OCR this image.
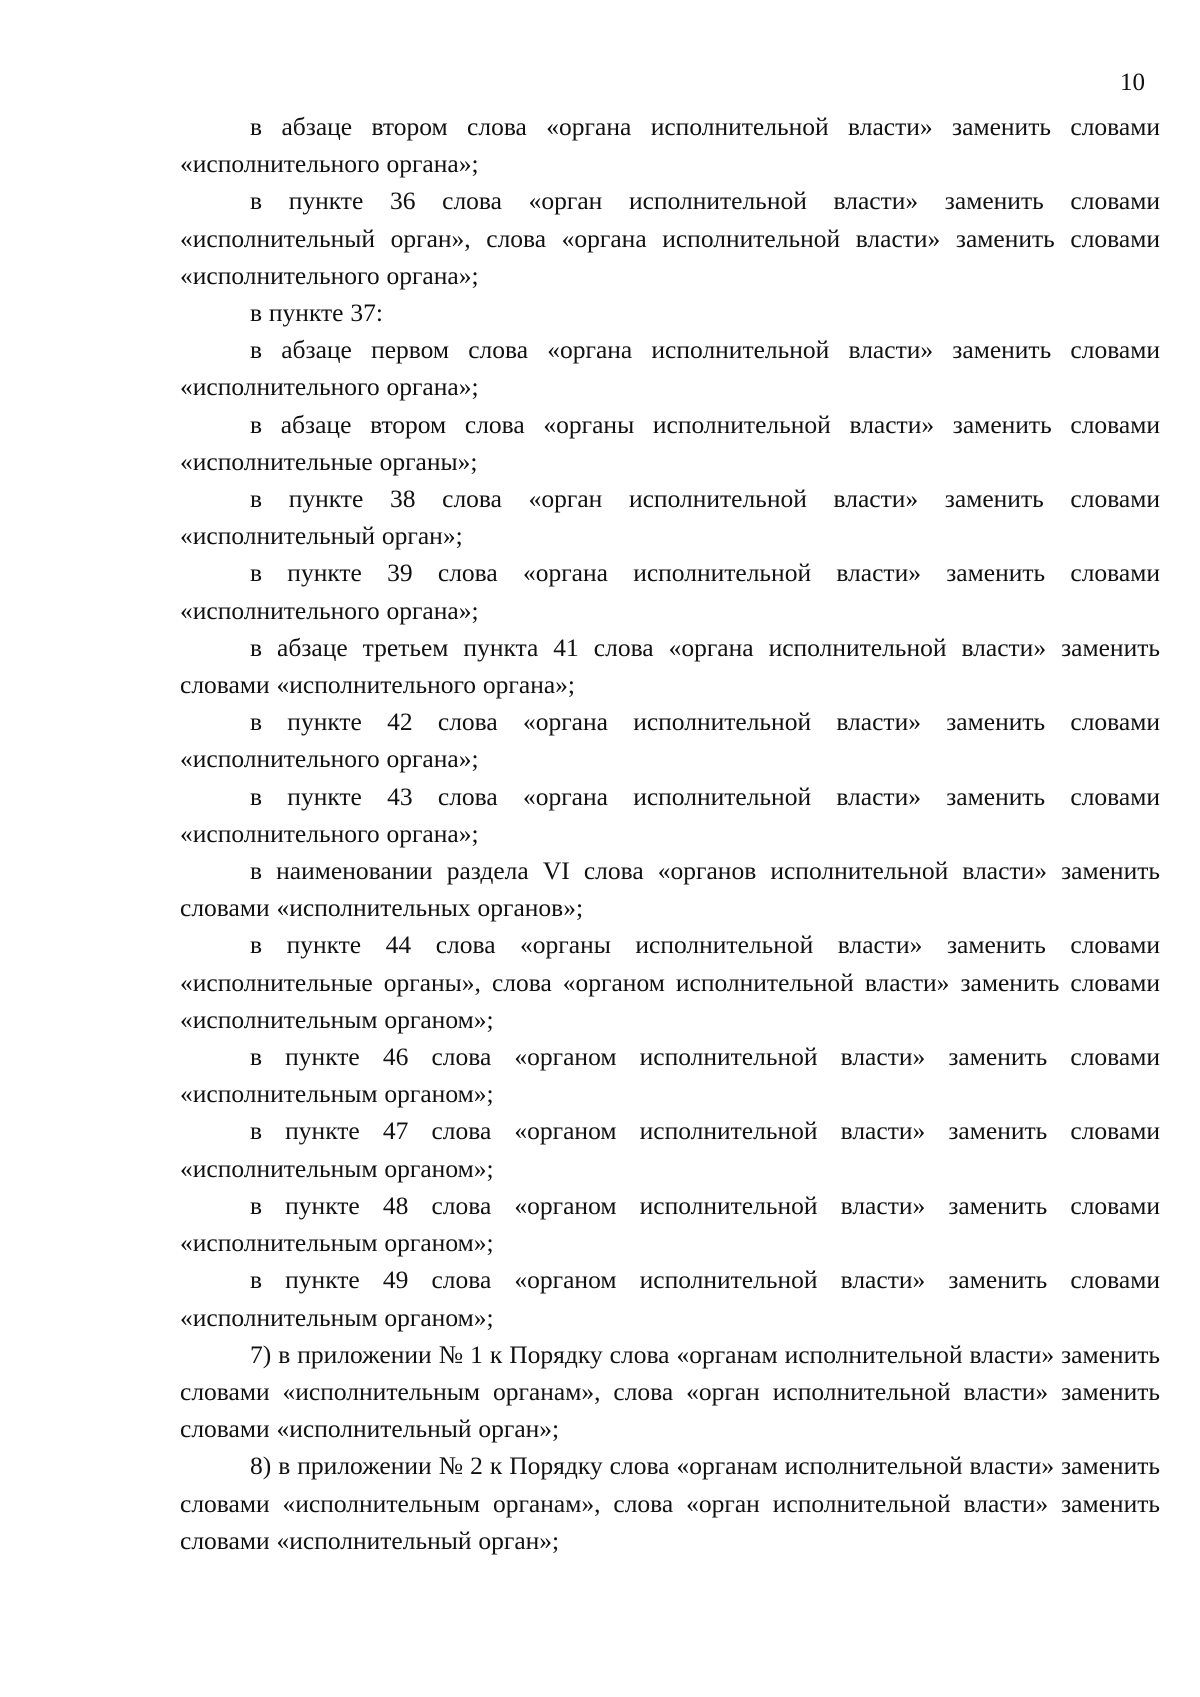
10

в абзаце втором слова «органа исполнительной власти» заменить словами «исполнительного органа»;

в пункте 36 слова «орган исполнительной власти» заменить словами «исполнительный орган», слова «органа исполнительной власти» заменить словами «исполнительного органа»;

в пункте 37:

в абзаце первом слова «органа исполнительной власти» заменить словами «исполнительного органа»;

в абзаце втором слова «органы исполнительной власти» заменить словами «исполнительные органы»;

в пункте 38 слова «орган исполнительной власти» заменить словами «исполнительный орган»;

в пункте 39 слова «органа исполнительной власти» заменить словами «исполнительного органа»;

в абзаце третьем пункта 41 слова «органа исполнительной власти» заменить словами «исполнительного органа»;

в пункте 42 слова «органа исполнительной власти» заменить словами «исполнительного органа»;

в пункте 43 слова «органа исполнительной власти» заменить словами «исполнительного органа»;

в наименовании раздела VI слова «органов исполнительной власти» заменить словами «исполнительных органов»;

в пункте 44 слова «органы исполнительной власти» заменить словами «исполнительные органы», слова «органом исполнительной власти» заменить словами «исполнительным органом»;

в пункте 46 слова «органом исполнительной власти» заменить словами «исполнительным органом»;

в пункте 47 слова «органом исполнительной власти» заменить словами «исполнительным органом»;

в пункте 48 слова «органом исполнительной власти» заменить словами «исполнительным органом»;

в пункте 49 слова «органом исполнительной власти» заменить словами «исполнительным органом»;

7) в приложении № 1 к Порядку слова «органам исполнительной власти» заменить словами «исполнительным органам», слова «орган исполнительной власти» заменить словами «исполнительный орган»;

8) в приложении № 2 к Порядку слова «органам исполнительной власти» заменить словами «исполнительным органам», слова «орган исполнительной власти» заменить словами «исполнительный орган»;
